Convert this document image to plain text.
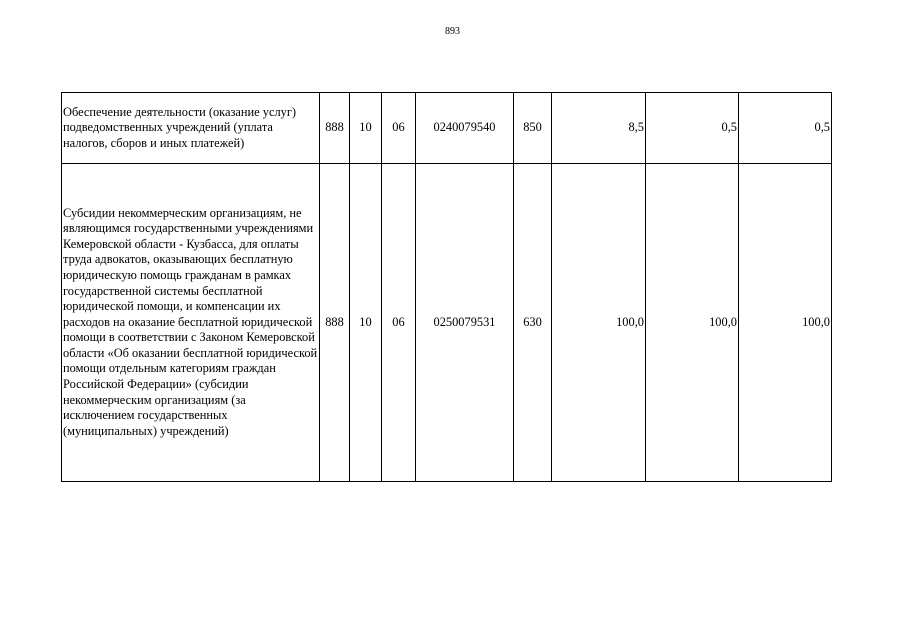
893
Обеспечение деятельности (оказание услуг) подведомственных учреждений (уплата налогов, сборов и иных платежей)	888	10	06	0240079540	850	8,5	0,5	0,5
Субсидии некоммерческим организациям, не являющимся государственными учреждениями Кемеровской области - Кузбасса, для оплаты труда адвокатов, оказывающих бесплатную юридическую помощь гражданам в рамках государственной системы бесплатной юридической помощи, и компенсации их расходов на оказание бесплатной юридической помощи в соответствии с Законом Кемеровской области «Об оказании бесплатной юридической помощи отдельным категориям граждан Российской Федерации» (субсидии некоммерческим организациям (за исключением государственных (муниципальных) учреждений)	888	10	06	0250079531	630	100,0	100,0	100,0
